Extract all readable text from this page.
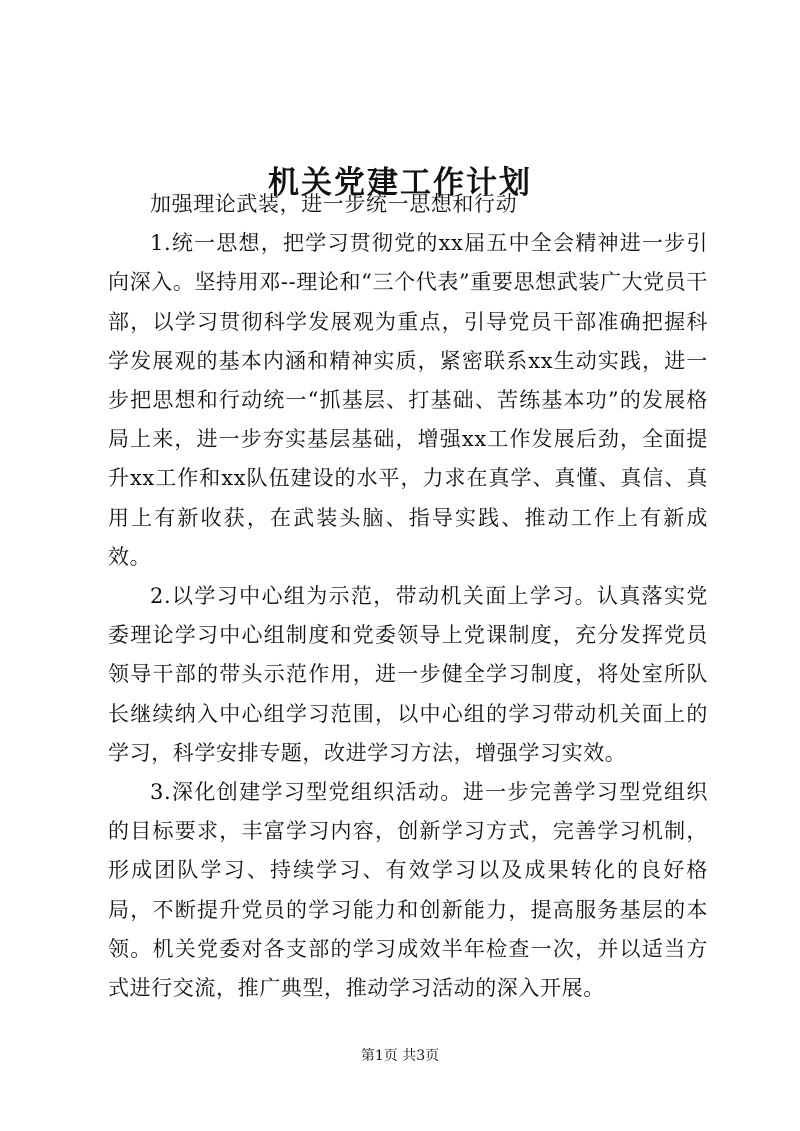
机关党建工作计划

加强理论武装，进一步统一思想和行动

1.统一思想，把学习贯彻党的xx届五中全会精神进一步引向深入。坚持用邓--理论和“三个代表”重要思想武装广大党员干部，以学习贯彻科学发展观为重点，引导党员干部准确把握科学发展观的基本内涵和精神实质，紧密联系xx生动实践，进一步把思想和行动统一“抓基层、打基础、苦练基本功”的发展格局上来，进一步夯实基层基础，增强xx工作发展后劲，全面提升xx工作和xx队伍建设的水平，力求在真学、真懂、真信、真用上有新收获，在武装头脑、指导实践、推动工作上有新成效。

2.以学习中心组为示范，带动机关面上学习。认真落实党委理论学习中心组制度和党委领导上党课制度，充分发挥党员领导干部的带头示范作用，进一步健全学习制度，将处室所队长继续纳入中心组学习范围，以中心组的学习带动机关面上的学习，科学安排专题，改进学习方法，增强学习实效。

3.深化创建学习型党组织活动。进一步完善学习型党组织的目标要求，丰富学习内容，创新学习方式，完善学习机制，形成团队学习、持续学习、有效学习以及成果转化的良好格局，不断提升党员的学习能力和创新能力，提高服务基层的本领。机关党委对各支部的学习成效半年检查一次，并以适当方式进行交流，推广典型，推动学习活动的深入开展。

第1页 共3页
